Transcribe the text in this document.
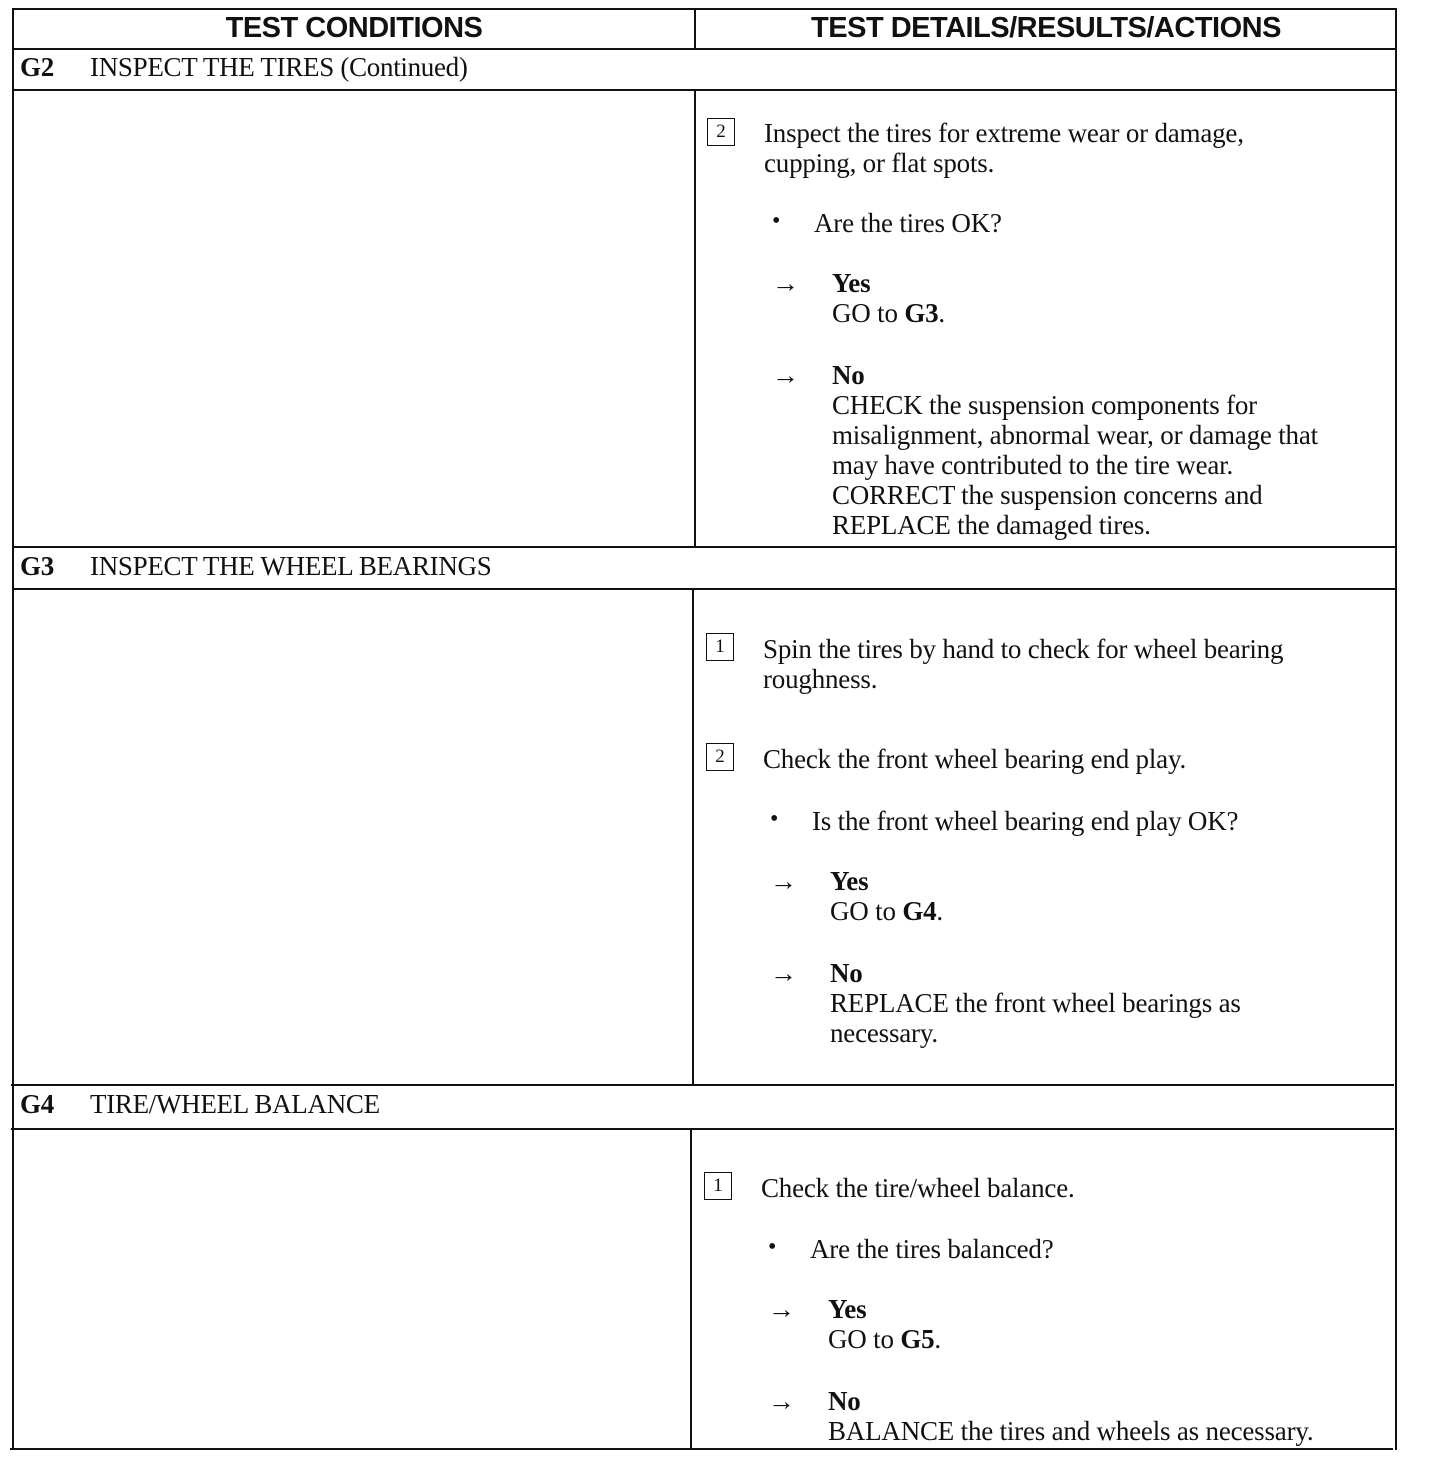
TEST CONDITIONS	TEST DETAILS/RESULTS/ACTIONS
G2 INSPECT THE TIRES (Continued)
2	Inspect the tires for extreme wear or damage,
cupping, or flat spots.
• Are the tires OK?
→ Yes
GO to G3.
→ No
CHECK the suspension components for
misalignment, abnormal wear, or damage that
may have contributed to the tire wear.
CORRECT the suspension concerns and
REPLACE the damaged tires.
G3 INSPECT THE WHEEL BEARINGS
1	Spin the tires by hand to check for wheel bearing
roughness.
2	Check the front wheel bearing end play.
• Is the front wheel bearing end play OK?
→ Yes
GO to G4.
→ No
REPLACE the front wheel bearings as
necessary.
G4 TIRE/WHEEL BALANCE
1	Check the tire/wheel balance.
• Are the tires balanced?
→ Yes
GO to G5.
→ No
BALANCE the tires and wheels as necessary.
